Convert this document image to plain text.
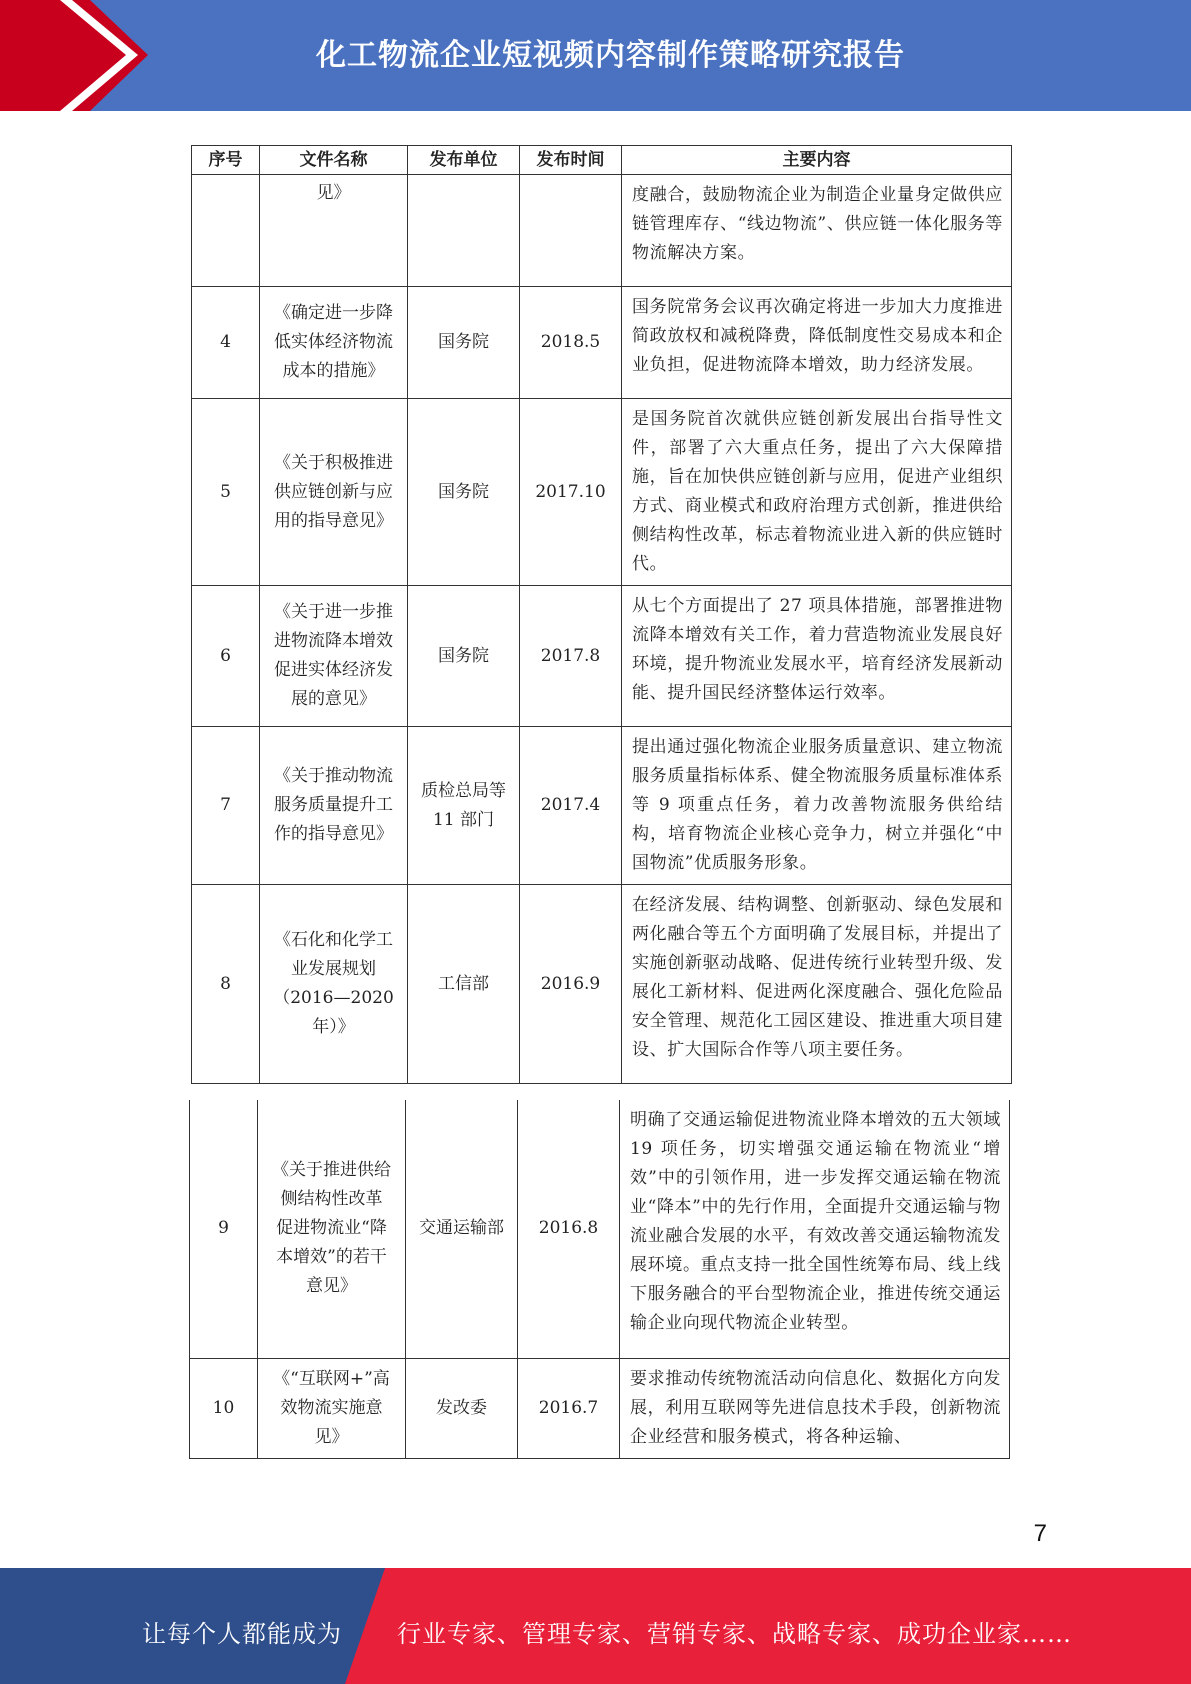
化工物流企业短视频内容制作策略研究报告
序号	文件名称	发布单位	发布时间	主要内容
	见》			度融合，鼓励物流企业为制造企业量身定做供应链管理库存、“线边物流”、供应链一体化服务等物流解决方案。
4	《确定进一步降低实体经济物流成本的措施》	国务院	2018.5	国务院常务会议再次确定将进一步加大力度推进简政放权和减税降费，降低制度性交易成本和企业负担，促进物流降本增效，助力经济发展。
5	《关于积极推进供应链创新与应用的指导意见》	国务院	2017.10	是国务院首次就供应链创新发展出台指导性文件，部署了六大重点任务，提出了六大保障措施，旨在加快供应链创新与应用，促进产业组织方式、商业模式和政府治理方式创新，推进供给侧结构性改革，标志着物流业进入新的供应链时代。
6	《关于进一步推进物流降本增效促进实体经济发展的意见》	国务院	2017.8	从七个方面提出了 27 项具体措施，部署推进物流降本增效有关工作，着力营造物流业发展良好环境，提升物流业发展水平，培育经济发展新动能、提升国民经济整体运行效率。
7	《关于推动物流服务质量提升工作的指导意见》	质检总局等 11 部门	2017.4	提出通过强化物流企业服务质量意识、建立物流服务质量指标体系、健全物流服务质量标准体系等 9 项重点任务，着力改善物流服务供给结构，培育物流企业核心竞争力，树立并强化“中国物流”优质服务形象。
8	《石化和化学工业发展规划（2016—2020年）》	工信部	2016.9	在经济发展、结构调整、创新驱动、绿色发展和两化融合等五个方面明确了发展目标，并提出了实施创新驱动战略、促进传统行业转型升级、发展化工新材料、促进两化深度融合、强化危险品安全管理、规范化工园区建设、推进重大项目建设、扩大国际合作等八项主要任务。
9	《关于推进供给侧结构性改革 促进物流业“降本增效”的若干意见》	交通运输部	2016.8	明确了交通运输促进物流业降本增效的五大领域 19 项任务，切实增强交通运输在物流业“增效”中的引领作用，进一步发挥交通运输在物流业“降本”中的先行作用，全面提升交通运输与物流业融合发展的水平，有效改善交通运输物流发展环境。重点支持一批全国性统筹布局、线上线下服务融合的平台型物流企业，推进传统交通运输企业向现代物流企业转型。
10	《“互联网+”高效物流实施意见》	发改委	2016.7	要求推动传统物流活动向信息化、数据化方向发展，利用互联网等先进信息技术手段，创新物流企业经营和服务模式，将各种运输、
7
让每个人都能成为 行业专家、管理专家、营销专家、战略专家、成功企业家……
